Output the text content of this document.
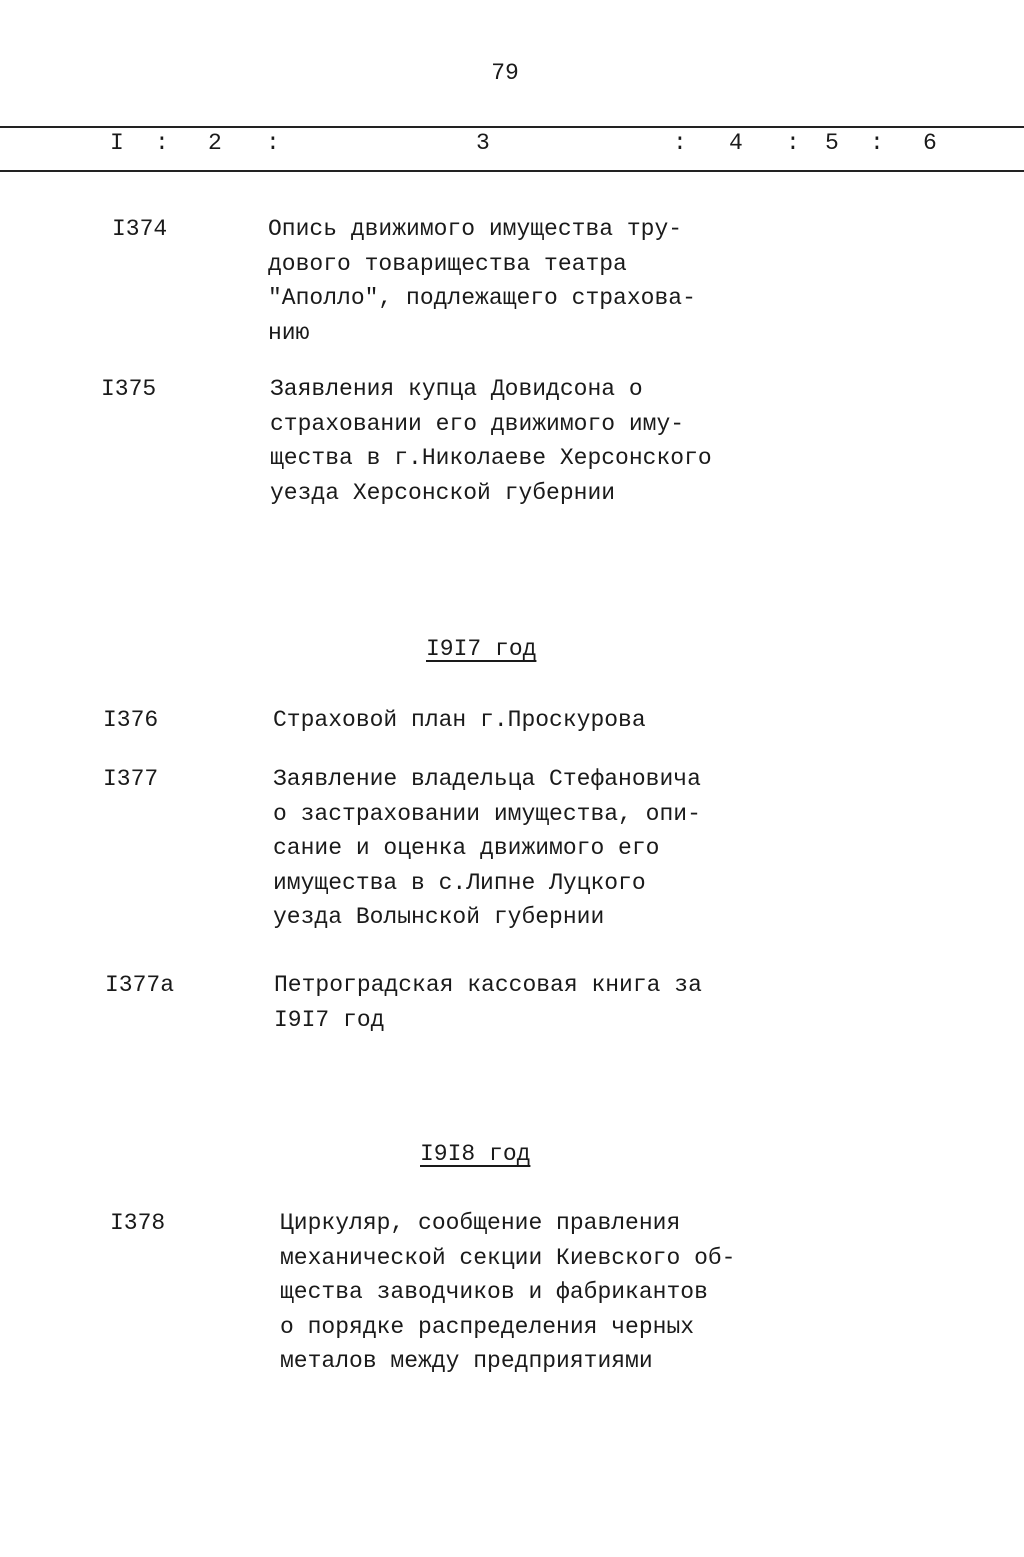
79
I : 2 :	3	: 4 : 5 : 6
I374	Опись движимого имущества тру-
дового товарищества театра
"Аполло", подлежащего страхова-
нию
I375	Заявления купца Довидсона о
страховании его движимого иму-
щества в г.Николаеве Херсонского
уезда Херсонской губернии
I376	Страховой план г.Проскурова
I377	Заявление владельца Стефановича
о застраховании имущества, опи-
сание и оценка движимого его
имущества в с.Липне Луцкого
уезда Волынской губернии
I377а	Петроградская кассовая книга за
I9I7 год
I378	Циркуляр, сообщение правления
механической секции Киевского об-
щества заводчиков и фабрикантов
о порядке распределения черных
металов между предприятиями
I9I7 год
I9I8 год
